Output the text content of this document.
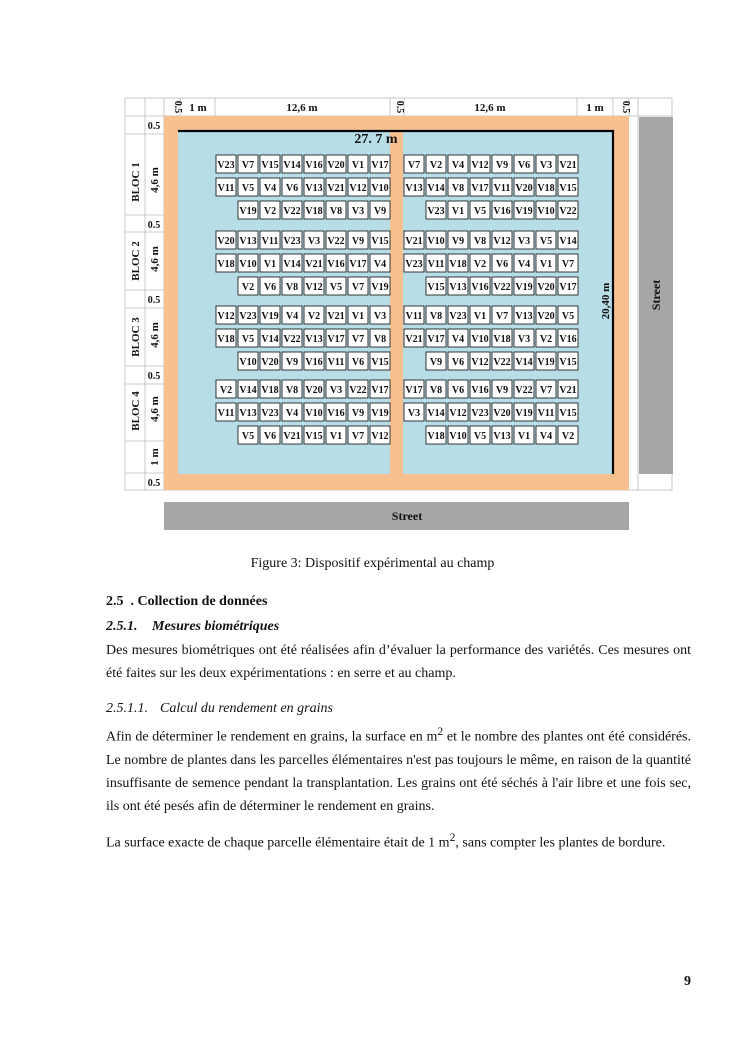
0.5 1 m	12,6 m	0.5	12,6 m	1 m 0.5
0.5
0.5
0.5
0.5
0.5
BLOC 1
BLOC 2
BLOC 3
BLOC 4
4,6 m
4,6 m
4,6 m
4,6 m
1 m
27. 7 m
20,40 m
V23 V7 V15 V14 V16 V20 V1 V17
V11 V5 V4 V6 V13 V21 V12 V10
V19 V2 V22 V18 V8 V3 V9
V7 V2 V4 V12 V9 V6 V3 V21
V13 V14 V8 V17 V11 V20 V18 V15
V23 V1 V5 V16 V19 V10 V22
V20 V13 V11 V23 V3 V22 V9 V15
V18 V10 V1 V14 V21 V16 V17 V4
V2 V6 V8 V12 V5 V7 V19
V21 V10 V9 V8 V12 V3 V5 V14
V23 V11 V18 V2 V6 V4 V1 V7
V15 V13 V16 V22 V19 V20 V17
V12 V23 V19 V4 V2 V21 V1 V3
V18 V5 V14 V22 V13 V17 V7 V8
V10 V20 V9 V16 V11 V6 V15
V11 V8 V23 V1 V7 V13 V20 V5
V21 V17 V4 V10 V18 V3 V2 V16
V9 V6 V12 V22 V14 V19 V15
V2 V14 V18 V8 V20 V3 V22 V17
V11 V13 V23 V4 V10 V16 V9 V19
V5 V6 V21 V15 V1 V7 V12
V17 V8 V6 V16 V9 V22 V7 V21
V3 V14 V12 V23 V20 V19 V11 V15
V18 V10 V5 V13 V1 V4 V2
Street
Street
Figure 3: Dispositif expérimental au champ
2.5 . Collection de données
2.5.1. Mesures biométriques

Des mesures biométriques ont été réalisées afin d’évaluer la performance des variétés. Ces mesures ont été faites sur les deux expérimentations : en serre et au champ.

2.5.1.1. Calcul du rendement en grains

Afin de déterminer le rendement en grains, la surface en $m^2$ et le nombre des plantes ont été considérés. Le nombre de plantes dans les parcelles élémentaires n'est pas toujours le même, en raison de la quantité insuffisante de semence pendant la transplantation. Les grains ont été séchés à l'air libre et une fois sec, ils ont été pesés afin de déterminer le rendement en grains.

La surface exacte de chaque parcelle élémentaire était de 1 $m^2$, sans compter les plantes de bordure.

9
